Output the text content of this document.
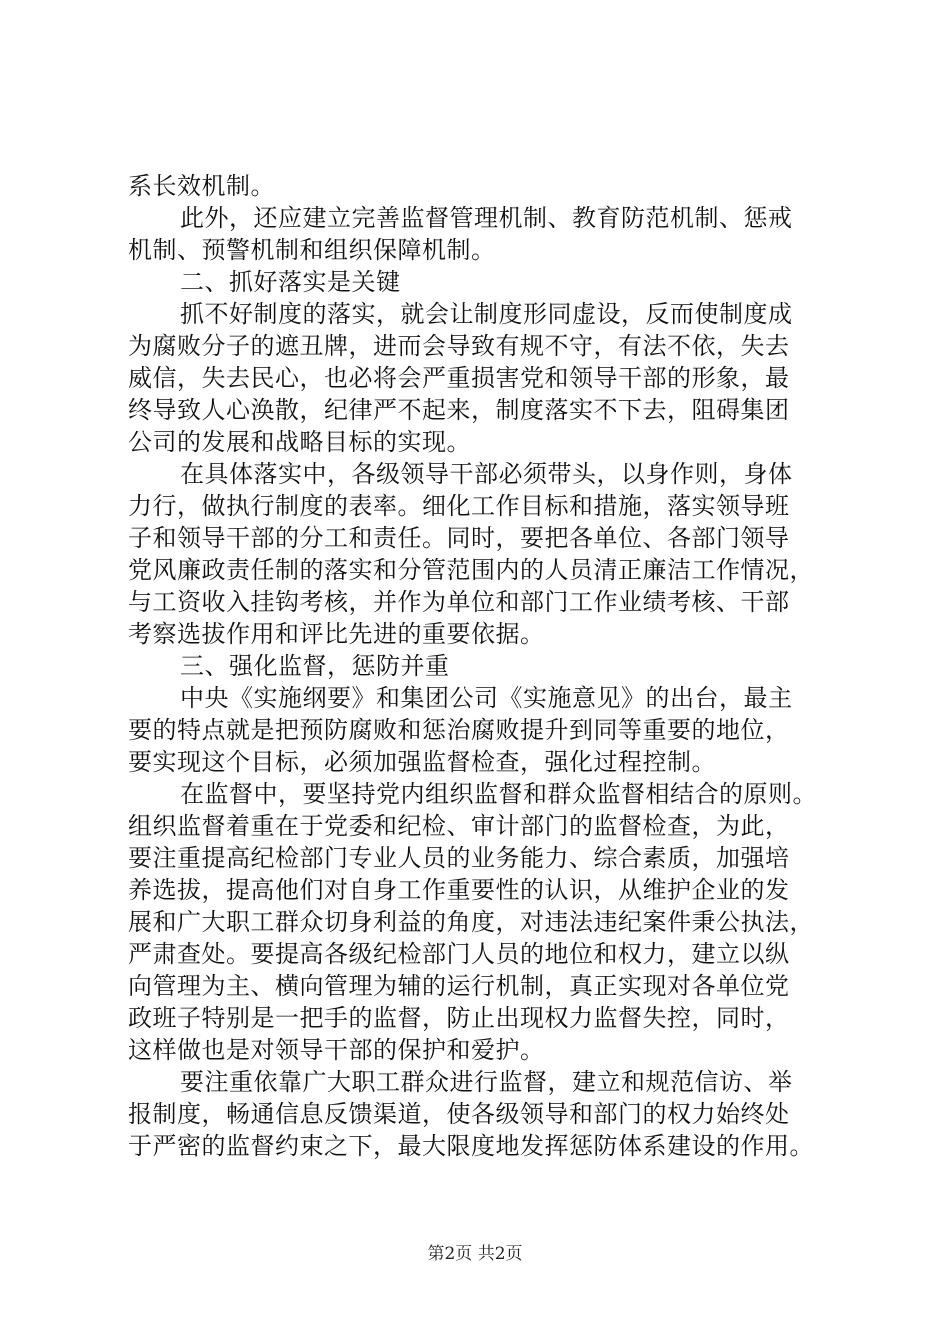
系长效机制。
此外，还应建立完善监督管理机制、教育防范机制、惩戒
机制、预警机制和组织保障机制。
二、抓好落实是关键
抓不好制度的落实，就会让制度形同虚设，反而使制度成
为腐败分子的遮丑牌，进而会导致有规不守，有法不依，失去
威信，失去民心，也必将会严重损害党和领导干部的形象，最
终导致人心涣散，纪律严不起来，制度落实不下去，阻碍集团
公司的发展和战略目标的实现。
在具体落实中，各级领导干部必须带头，以身作则，身体
力行，做执行制度的表率。细化工作目标和措施，落实领导班
子和领导干部的分工和责任。同时，要把各单位、各部门领导
党风廉政责任制的落实和分管范围内的人员清正廉洁工作情况，
与工资收入挂钩考核，并作为单位和部门工作业绩考核、干部
考察选拔作用和评比先进的重要依据。
三、强化监督，惩防并重
中央《实施纲要》和集团公司《实施意见》的出台，最主
要的特点就是把预防腐败和惩治腐败提升到同等重要的地位，
要实现这个目标，必须加强监督检查，强化过程控制。
在监督中，要坚持党内组织监督和群众监督相结合的原则。
组织监督着重在于党委和纪检、审计部门的监督检查，为此，
要注重提高纪检部门专业人员的业务能力、综合素质，加强培
养选拔，提高他们对自身工作重要性的认识，从维护企业的发
展和广大职工群众切身利益的角度，对违法违纪案件秉公执法，
严肃查处。要提高各级纪检部门人员的地位和权力，建立以纵
向管理为主、横向管理为辅的运行机制，真正实现对各单位党
政班子特别是一把手的监督，防止出现权力监督失控，同时，
这样做也是对领导干部的保护和爱护。
要注重依靠广大职工群众进行监督，建立和规范信访、举
报制度，畅通信息反馈渠道，使各级领导和部门的权力始终处
于严密的监督约束之下，最大限度地发挥惩防体系建设的作用。
第2页 共2页
